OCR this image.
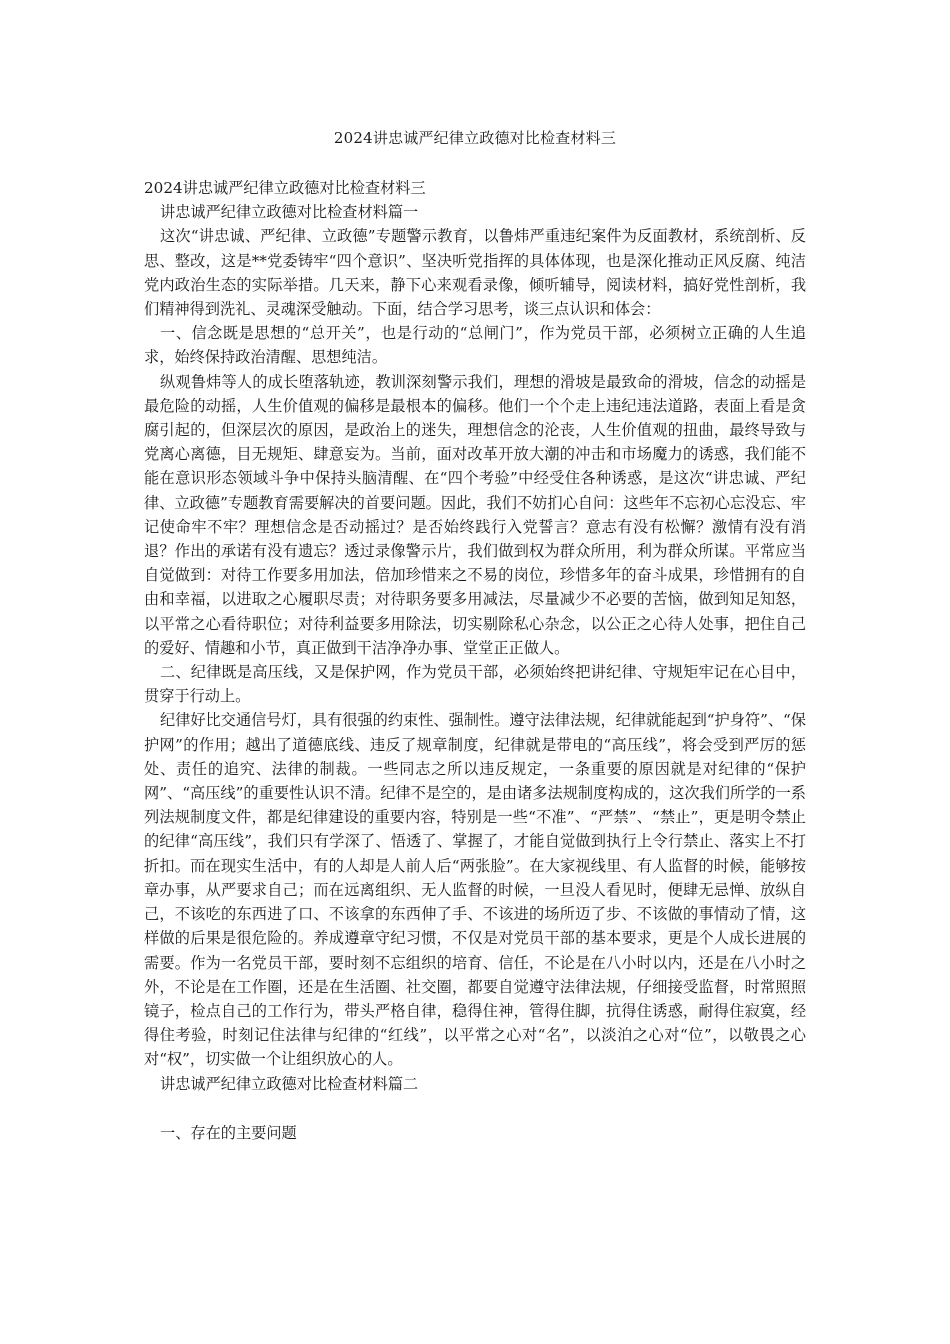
2024讲忠诚严纪律立政德对比检查材料三

2024讲忠诚严纪律立政德对比检查材料三

讲忠诚严纪律立政德对比检查材料篇一

这次“讲忠诚、严纪律、立政德”专题警示教育，以鲁炜严重违纪案件为反面教材，系统剖析、反思、整改，这是**党委铸牢“四个意识”、坚决听党指挥的具体体现，也是深化推动正风反腐、纯洁党内政治生态的实际举措。几天来，静下心来观看录像，倾听辅导，阅读材料，搞好党性剖析，我们精神得到洗礼、灵魂深受触动。下面，结合学习思考，谈三点认识和体会：

一、信念既是思想的“总开关”，也是行动的“总闸门”，作为党员干部，必须树立正确的人生追求，始终保持政治清醒、思想纯洁。

纵观鲁炜等人的成长堕落轨迹，教训深刻警示我们，理想的滑坡是最致命的滑坡，信念的动摇是最危险的动摇，人生价值观的偏移是最根本的偏移。他们一个个走上违纪违法道路，表面上看是贪腐引起的，但深层次的原因，是政治上的迷失，理想信念的沦丧，人生价值观的扭曲，最终导致与党离心离德，目无规矩、肆意妄为。当前，面对改革开放大潮的冲击和市场魔力的诱惑，我们能不能在意识形态领域斗争中保持头脑清醒、在“四个考验”中经受住各种诱惑，是这次“讲忠诚、严纪律、立政德”专题教育需要解决的首要问题。因此，我们不妨扪心自问：这些年不忘初心忘没忘、牢记使命牢不牢？理想信念是否动摇过？是否始终践行入党誓言？意志有没有松懈？激情有没有消退？作出的承诺有没有遗忘？透过录像警示片，我们做到权为群众所用，利为群众所谋。平常应当自觉做到：对待工作要多用加法，倍加珍惜来之不易的岗位，珍惜多年的奋斗成果，珍惜拥有的自由和幸福，以进取之心履职尽责；对待职务要多用减法，尽量减少不必要的苦恼，做到知足知怒，以平常之心看待职位；对待利益要多用除法，切实剔除私心杂念，以公正之心待人处事，把住自己的爱好、情趣和小节，真正做到干洁净净办事、堂堂正正做人。

二、纪律既是高压线，又是保护网，作为党员干部，必须始终把讲纪律、守规矩牢记在心目中，贯穿于行动上。

纪律好比交通信号灯，具有很强的约束性、强制性。遵守法律法规，纪律就能起到“护身符”、“保护网”的作用；越出了道德底线、违反了规章制度，纪律就是带电的“高压线”，将会受到严厉的惩处、责任的追究、法律的制裁。一些同志之所以违反规定，一条重要的原因就是对纪律的“保护网”、“高压线”的重要性认识不清。纪律不是空的，是由诸多法规制度构成的，这次我们所学的一系列法规制度文件，都是纪律建设的重要内容，特别是一些“不准”、“严禁”、“禁止”，更是明令禁止的纪律“高压线”，我们只有学深了、悟透了、掌握了，才能自觉做到执行上令行禁止、落实上不打折扣。而在现实生活中，有的人却是人前人后“两张脸”。在大家视线里、有人监督的时候，能够按章办事，从严要求自己；而在远离组织、无人监督的时候，一旦没人看见时，便肆无忌惮、放纵自己，不该吃的东西进了口、不该拿的东西伸了手、不该进的场所迈了步、不该做的事情动了情，这样做的后果是很危险的。养成遵章守纪习惯，不仅是对党员干部的基本要求，更是个人成长进展的需要。作为一名党员干部，要时刻不忘组织的培育、信任，不论是在八小时以内，还是在八小时之外，不论是在工作圈，还是在生活圈、社交圈，都要自觉遵守法律法规，仔细接受监督，时常照照镜子，检点自己的工作行为，带头严格自律，稳得住神，管得住脚，抗得住诱惑，耐得住寂寞，经得住考验，时刻记住法律与纪律的“红线”，以平常之心对“名”，以淡泊之心对“位”，以敬畏之心对“权”，切实做一个让组织放心的人。

讲忠诚严纪律立政德对比检查材料篇二

一、存在的主要问题
